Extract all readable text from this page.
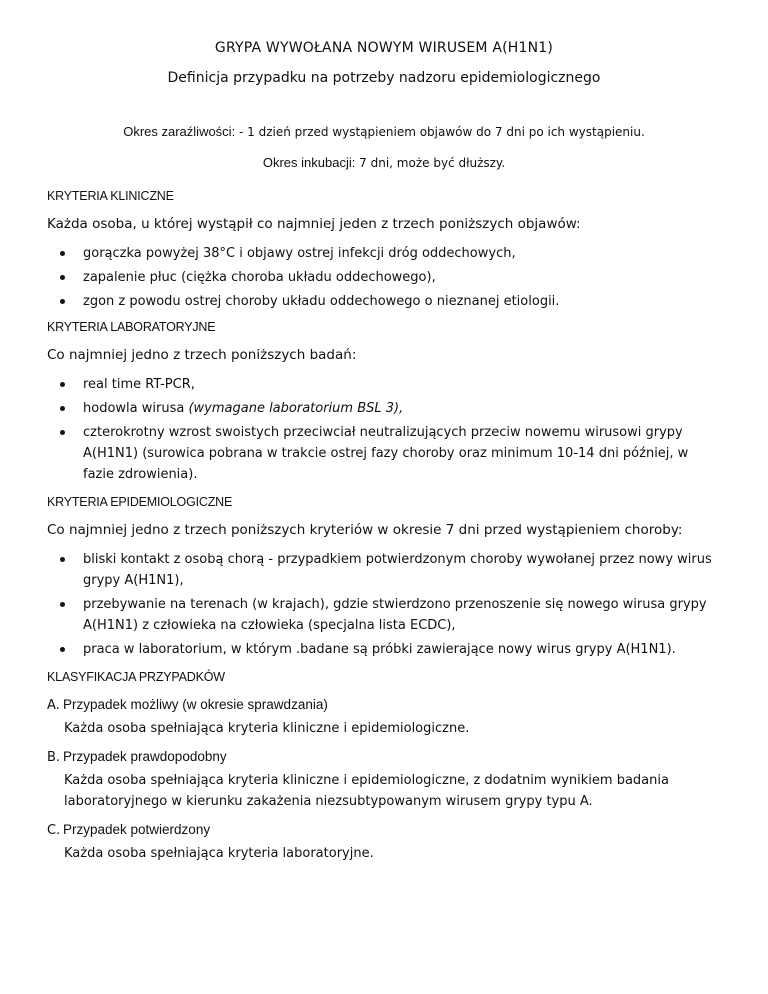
GRYPA WYWOŁANA NOWYM WIRUSEM A(H1N1)
Definicja przypadku na potrzeby nadzoru epidemiologicznego
Okres zaraźliwości: - 1 dzień przed wystąpieniem objawów do 7 dni po ich wystąpieniu.
Okres inkubacji: 7 dni, może być dłuższy.
KRYTERIA KLINICZNE
Każda osoba, u której wystąpił co najmniej jeden z trzech poniższych objawów:
gorączka powyżej 38°C i objawy ostrej infekcji dróg oddechowych,
zapalenie płuc (ciężka choroba układu oddechowego),
zgon z powodu ostrej choroby układu oddechowego o nieznanej etiologii.
KRYTERIA LABORATORYJNE
Co najmniej jedno z trzech poniższych badań:
real time RT-PCR,
hodowla wirusa (wymagane laboratorium BSL 3),
czterokrotny wzrost swoistych przeciwciał neutralizujących przeciw nowemu wirusowi grypy A(H1N1) (surowica pobrana w trakcie ostrej fazy choroby oraz minimum 10-14 dni później, w fazie zdrowienia).
KRYTERIA EPIDEMIOLOGICZNE
Co najmniej jedno z trzech poniższych kryteriów w okresie 7 dni przed wystąpieniem choroby:
bliski kontakt z osobą chorą - przypadkiem potwierdzonym choroby wywołanej przez nowy wirus grypy A(H1N1),
przebywanie na terenach (w krajach), gdzie stwierdzono przenoszenie się nowego wirusa grypy A(H1N1) z człowieka na człowieka (specjalna lista ECDC),
praca w laboratorium, w którym .badane są próbki zawierające nowy wirus grypy A(H1N1).
KLASYFIKACJA PRZYPADKÓW
A. Przypadek możliwy (w okresie sprawdzania)
Każda osoba spełniająca kryteria kliniczne i epidemiologiczne.
B. Przypadek prawdopodobny
Każda osoba spełniająca kryteria kliniczne i epidemiologiczne, z dodatnim wynikiem badania laboratoryjnego w kierunku zakażenia niezsubtypowanym wirusem grypy typu A.
C. Przypadek potwierdzony
Każda osoba spełniająca kryteria laboratoryjne.
